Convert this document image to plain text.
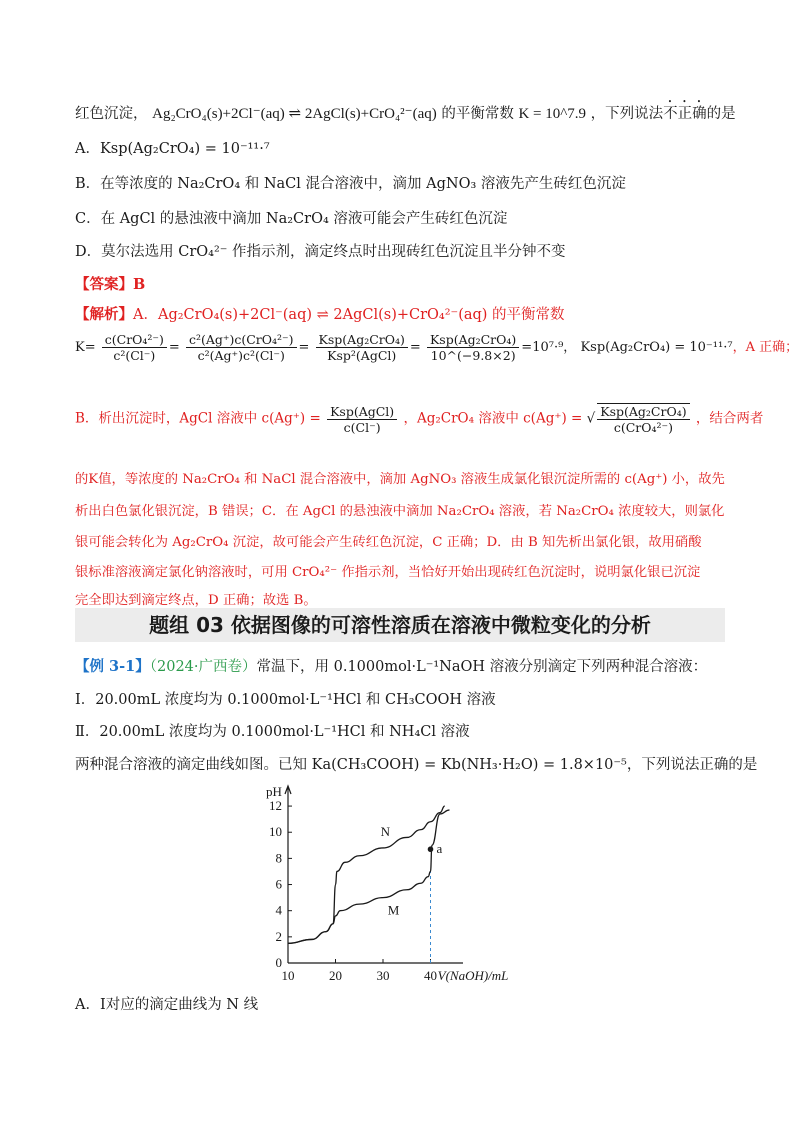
红色沉淀， Ag₂CrO₄(s)+2Cl⁻(aq) ⇌ 2AgCl(s)+CrO₄²⁻(aq) 的平衡常数 K = 10^7.9 ，下列说法不正确的是
A．Ksp(Ag₂CrO₄) = 10⁻¹¹·⁷
B．在等浓度的 Na₂CrO₄ 和 NaCl 混合溶液中，滴加 AgNO₃ 溶液先产生砖红色沉淀
C．在 AgCl 的悬浊液中滴加 Na₂CrO₄ 溶液可能会产生砖红色沉淀
D．莫尔法选用 CrO₄²⁻ 作指示剂，滴定终点时出现砖红色沉淀且半分钟不变
【答案】B
【解析】A．Ag₂CrO₄(s)+2Cl⁻(aq) ⇌ 2AgCl(s)+CrO₄²⁻(aq) 的平衡常数
$K= \frac{\text{c(CrO₄²⁻)}}{\text{c²(Cl⁻)}} = \frac{\text{c²(Ag⁺)c(CrO₄²⁻)}}{\text{c²(Ag⁺)c²(Cl⁻)}} = \frac{\text{Ksp(Ag₂CrO₄)}}{\text{Ksp²(AgCl)}} = \frac{\text{Ksp(Ag₂CrO₄)}}{10\^{}(-9.8\times 2)} =10^7\cdot^9$， Ksp(Ag₂CrO₄) = 10⁻¹¹·⁷，A 正确；
B．析出沉淀时，AgCl 溶液中 $c(Ag^+) = \frac{\text{Ksp(AgCl)}}{c(Cl^-)}$ ，Ag₂CrO₄ 溶液中 c(Ag⁺) = √ $\frac{\text{Ksp(Ag₂CrO₄)}}{\text{c(CrO₄²⁻)}}$ ，结合两者
的K值，等浓度的 Na₂CrO₄ 和 NaCl 混合溶液中，滴加 AgNO₃ 溶液生成氯化银沉淀所需的 c(Ag⁺) 小，故先
析出白色氯化银沉淀，B 错误；C．在 AgCl 的悬浊液中滴加 Na₂CrO₄ 溶液，若 Na₂CrO₄ 浓度较大，则氯化
银可能会转化为 Ag₂CrO₄ 沉淀，故可能会产生砖红色沉淀，C 正确；D．由 B 知先析出氯化银，故用硝酸
银标准溶液滴定氯化钠溶液时，可用 CrO₄²⁻ 作指示剂，当恰好开始出现砖红色沉淀时，说明氯化银已沉淀
完全即达到滴定终点，D 正确；故选 B。
题组 03 依据图像的可溶性溶质在溶液中微粒变化的分析
【例 3-1】（2024·广西卷）常温下，用 0.1000mol·L⁻¹NaOH 溶液分别滴定下列两种混合溶液：
Ⅰ．20.00mL 浓度均为 0.1000mol·L⁻¹HCl 和 CH₃COOH 溶液
Ⅱ．20.00mL 浓度均为 0.1000mol·L⁻¹HCl 和 NH₄Cl 溶液
两种混合溶液的滴定曲线如图。已知 Ka(CH₃COOH) = Kb(NH₃·H₂O) = 1.8×10⁻⁵，下列说法正确的是
0
2
4
6
8
10
12
10	20	30	40
pH
V(NaOH)/mL
N
M
a
A．Ⅰ对应的滴定曲线为 N 线
